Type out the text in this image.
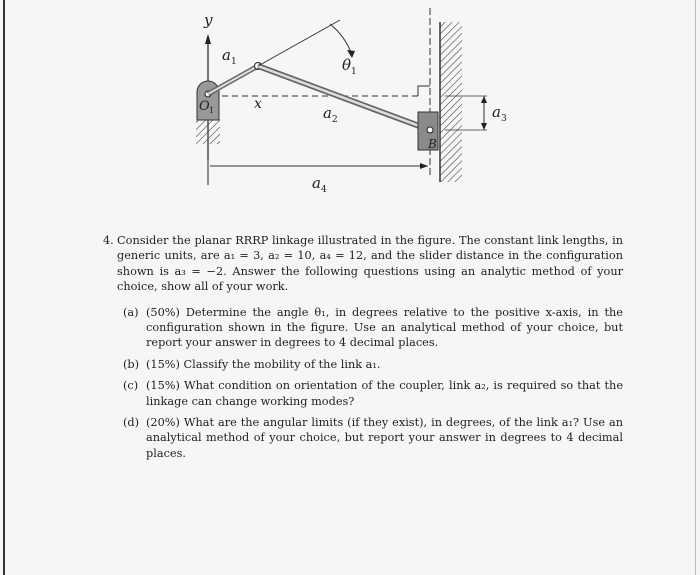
y
x
a 1	θ 1
a 2	a 3
a 4
O 1
B
4. Consider the planar RRRP linkage illustrated in the figure. The constant link lengths, in generic units, are a₁ = 3, a₂ = 10, a₄ = 12, and the slider distance in the configuration shown is a₃ = −2. Answer the following questions using an analytic method of your choice, show all of your work.
(a) (50%) Determine the angle θ₁, in degrees relative to the positive x-axis, in the configuration shown in the figure. Use an analytical method of your choice, but report your answer in degrees to 4 decimal places.
(b) (15%) Classify the mobility of the link a₁.
(c) (15%) What condition on orientation of the coupler, link a₂, is required so that the linkage can change working modes?
(d) (20%) What are the angular limits (if they exist), in degrees, of the link a₁? Use an analytical method of your choice, but report your answer in degrees to 4 decimal places.
